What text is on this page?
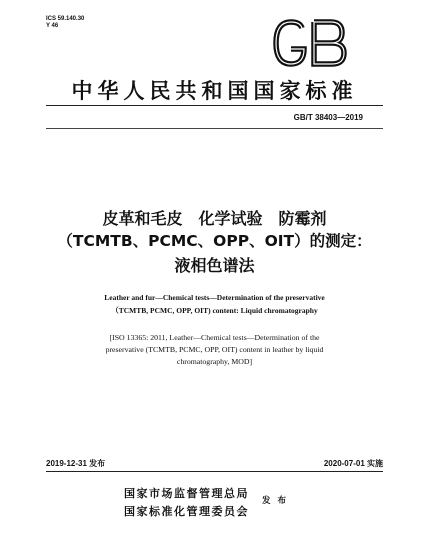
ICS 59.140.30
Y 46
中华人民共和国国家标准
GB/T 38403—2019
皮革和毛皮　化学试验　防霉剂
（TCMTB、PCMC、OPP、OIT）的测定：
液相色谱法
Leather and fur—Chemical tests—Determination of the preservative
（TCMTB, PCMC, OPP, OIT) content: Liquid chromatography
[ISO 13365: 2011, Leather—Chemical tests—Determination of the
preservative (TCMTB, PCMC, OPP, OIT) content in leather by liquid
chromatography, MOD]
2019-12-31 发布	2020-07-01 实施
国家市场监督管理总局
国家标准化管理委员会
发 布
